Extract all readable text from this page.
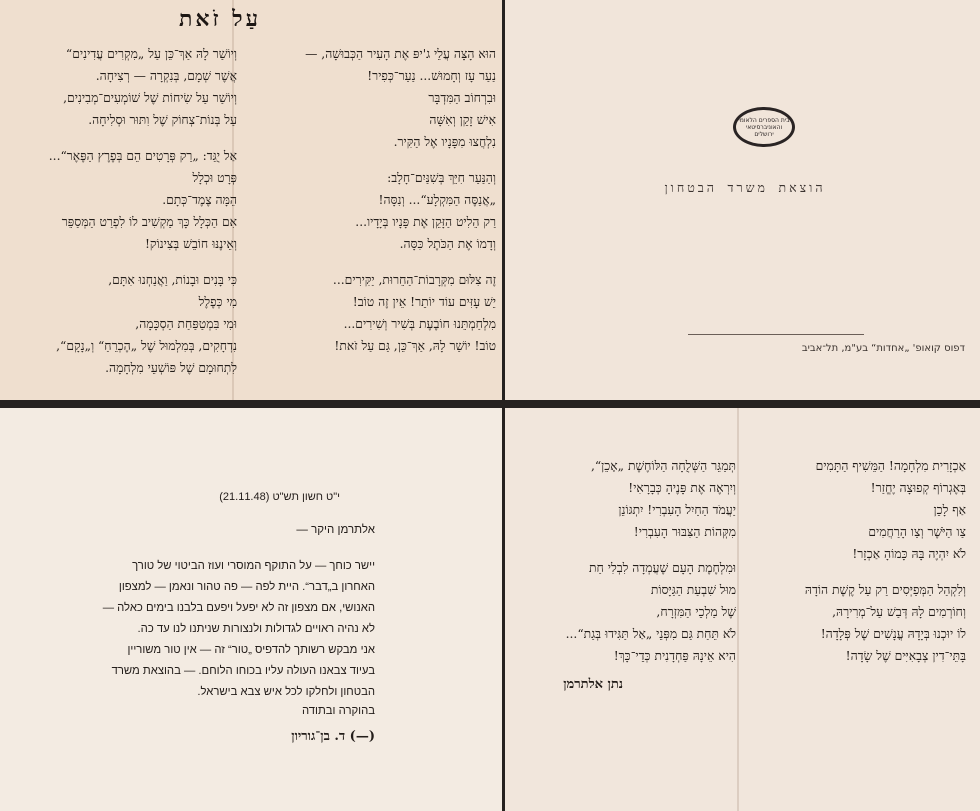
עַל זֹאת
הוּא הָצָּה עֲלֵי ג'יפּ אֶת הָעִיר הַכְּבוּשָׁה, —
נַעַר עָז וְחָמוּשׁ... נַעַר־כְּפִיר!
וּבִרְחוֹב הַמִּדְבָּר
אִישׁ זָקֵן וְאִשָּׁה
נִלְחֲצוּ מִפָּנָיו אֶל הַקִּיר.
וְהַנַּעַר חִיֵּךְ בְּשִׁנַּיִם־חָלָב:
„אֲנַסֶּה הַמִּקְלָע“... וְנִסָּה!
רַק הֵלִיט הַזָּקֵן אֶת פָּנָיו בְּיָדָיו...
וְדָמוֹ אֶת הַכֹּתֶל כִּסָּה.
זֶה צִלּוּם מִקְּרָבוֹת־הַחֵרוּת, יַקִּירִים...
יֵשׁ עָזִּים עוֹד יוֹתֵר! אֵין זֶה טוֹב!
מִלְחַמְתֵּנוּ חוֹבֶעֶת בְּשִׁיר וְשִׁירִים...
טוֹב! יוֹשַׁר לָהּ, אַךְ־כֵּן, גַּם עַל זֹאת!
וְיוֹשַׁר לָהּ אַךְ־כֵּן עַל „מִקְרִים עֲדִינִים“
אֲשֶׁר שְׁמָם, בְּנִקְרָה — רְצִיחָה.
וְיוֹשַׁר עַל שִׂיחוֹת שֶׁל שׁוֹמְעִים־מְבִינִים,
עַל בְּנוֹת־צְחוֹק שֶׁל וִתּוּר וּסְלִיחָה.
אַל יֻגַּד: „רַק פְּרָטִים הֵם בְּפֶרֶץ הַפֶּאֶר“...
פְּרָט וּכְלָל
הֵמָּה צֶמֶד־כְּתָם.
אִם הַכְּלָל כָּךְ מַקְשִׁיב לוֹ לִפְרַט הַמְּסַפֵּר
וְאֵינֶנּוּ חוֹבֵשׁ בְּצִינוֹק!
כִּי בָּנִים וּבָנוֹת, וַאֲנַחְנוּ אִתָּם,
מִי כְּפֶלֶל
וּמִי בִּמְטַפַּחַת הַסְכָּמָה,
נִדְחָקִים, בְּמִלְמוּל שֶׁל „הֶכְרֵחַ“ וְ„נָקָם“,
לִתְחוּמָם שֶׁל פּוֹשְׁעֵי מִלְחָמָה.
בית הספרים הלאומי
והאוניברסיטאי
ירושלים
הוצאת משרד הבטחון
דפוס קואופ' „אחדות“ בע"מ, תל־אביב
י"ט חשון תש"ט (21.11.48)
אלתרמן היקר —
יישר כוחך — על התוקף המוסרי ועוז הביטוי של טורך
האחרון ב„דבר“. היית לפה — פה טהור ונאמן — למצפון
האנושי, אם מצפון זה לא יפעל ויפעם בלבנו בימים כאלה —
לא נהיה ראויים לגדולות ולנצורות שניתנו לנו עד כה.
אני מבקש רשותך להדפיס „טור“ זה — אין טור משוריין
בעיוד צבאנו העולה עליו בכוחו הלוחם. — בהוצאת משרד
הבטחון ולחלקו לכל איש צבא בישראל.
בהוקרה ובתודה
(—) ד. בן־גוריון
אַכְזָרִית מִלְחָמָה! הַמֵּשִׁיף הַתָּמִים
בְּאֶגְרוֹף קְפוּצָה יֶחֱזַר!
אַף לָכֵן
צַו הַיֹּשֶׁר וְצַו הָרַחֲמִים
לֹא יִהְיֶה בָּהּ כָּמוֹהָ אַכְזָר!
וְלִקְהַל הַמְּפַיְּסִים רַק עַל קֶשֶׁת הוֹדָהּ
וְחוֹרְמִים לָהּ דְּבַשׁ עַל־מְרִירָהּ,
לוֹ יוּכְנוּ בְּיָדָהּ עֳנָשִׁים שֶׁל פְּלָדָה!
בָּתֵּי־דִין צְבָאִיִּים שֶׁל שָׂדָה!
תְּמַגֵּר הַשְּׁלֻחָה הַלּוֹחֶשֶׁת „אָכֵן“,
וְיִרְאֶה אֶת פָּנֶיהָ כְּבָרָאִי!
יַעֲמֹד הַחַיִל הָעִבְרִי! יִתְגּוֹנֵן
מִקְּהוֹת הַצִּבּוּר הָעִבְרִי!
וּמִלְחֶמֶת הָעָם שֶׁעֲמְדָה לִבְלִי חַת
מוּל שִׁבְעַת הַגַּיָּסוֹת
שֶׁל מַלְכֵי הַמִּזְרָח,
לֹא תֵּחַת גַּם מִפְּנֵי „אַל תַּגִּידוּ בְּגַת“...
הִיא אֵינָהּ פַּחְדָנִית כְּדֵי־כָּךְ!
נתן אלתרמן
